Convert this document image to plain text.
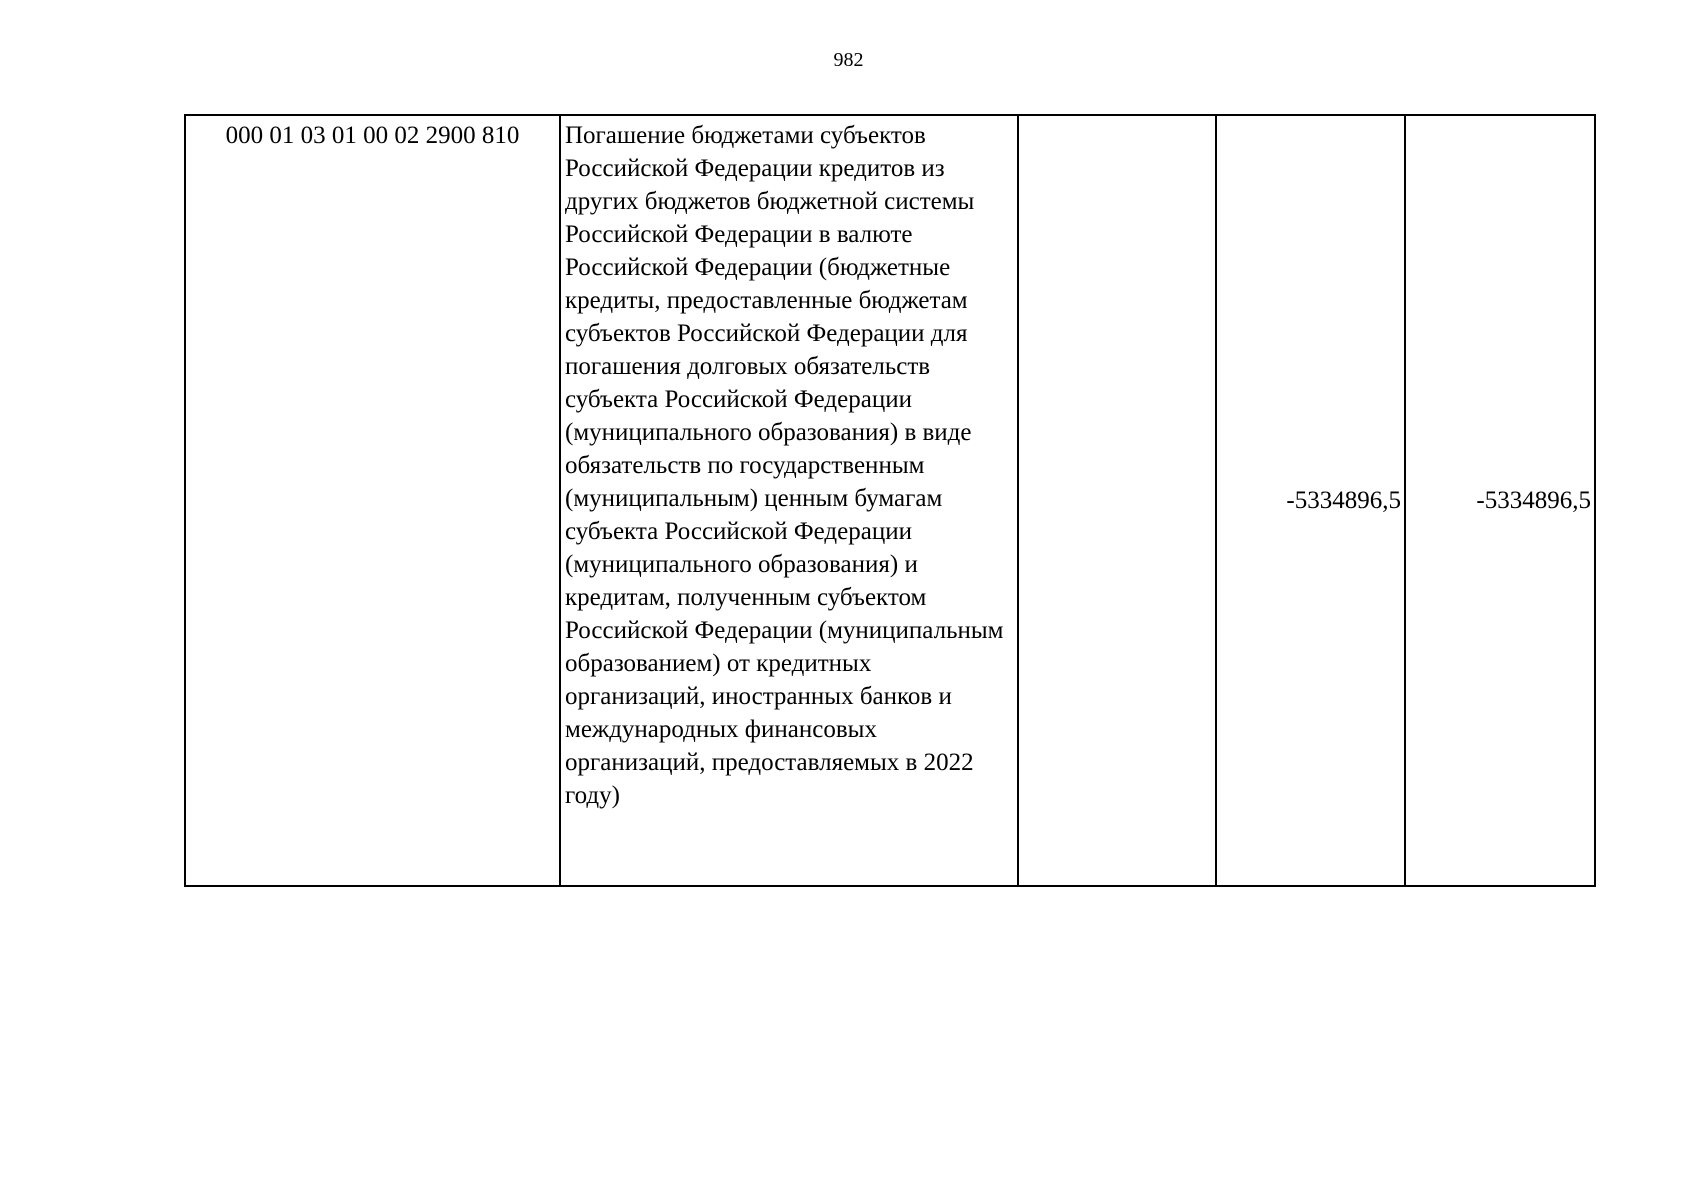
982
000 01 03 01 00 02 2900 810	Погашение бюджетами субъектов Российской Федерации кредитов из других бюджетов бюджетной системы Российской Федерации в валюте Российской Федерации (бюджетные кредиты, предоставленные бюджетам субъектов Российской Федерации для погашения долговых обязательств субъекта Российской Федерации (муниципального образования) в виде обязательств по государственным (муниципальным) ценным бумагам субъекта Российской Федерации (муниципального образования) и кредитам, полученным субъектом Российской Федерации (муниципальным образованием) от кредитных организаций, иностранных банков и международных финансовых организаций, предоставляемых в 2022 году)		-5334896,5	-5334896,5
